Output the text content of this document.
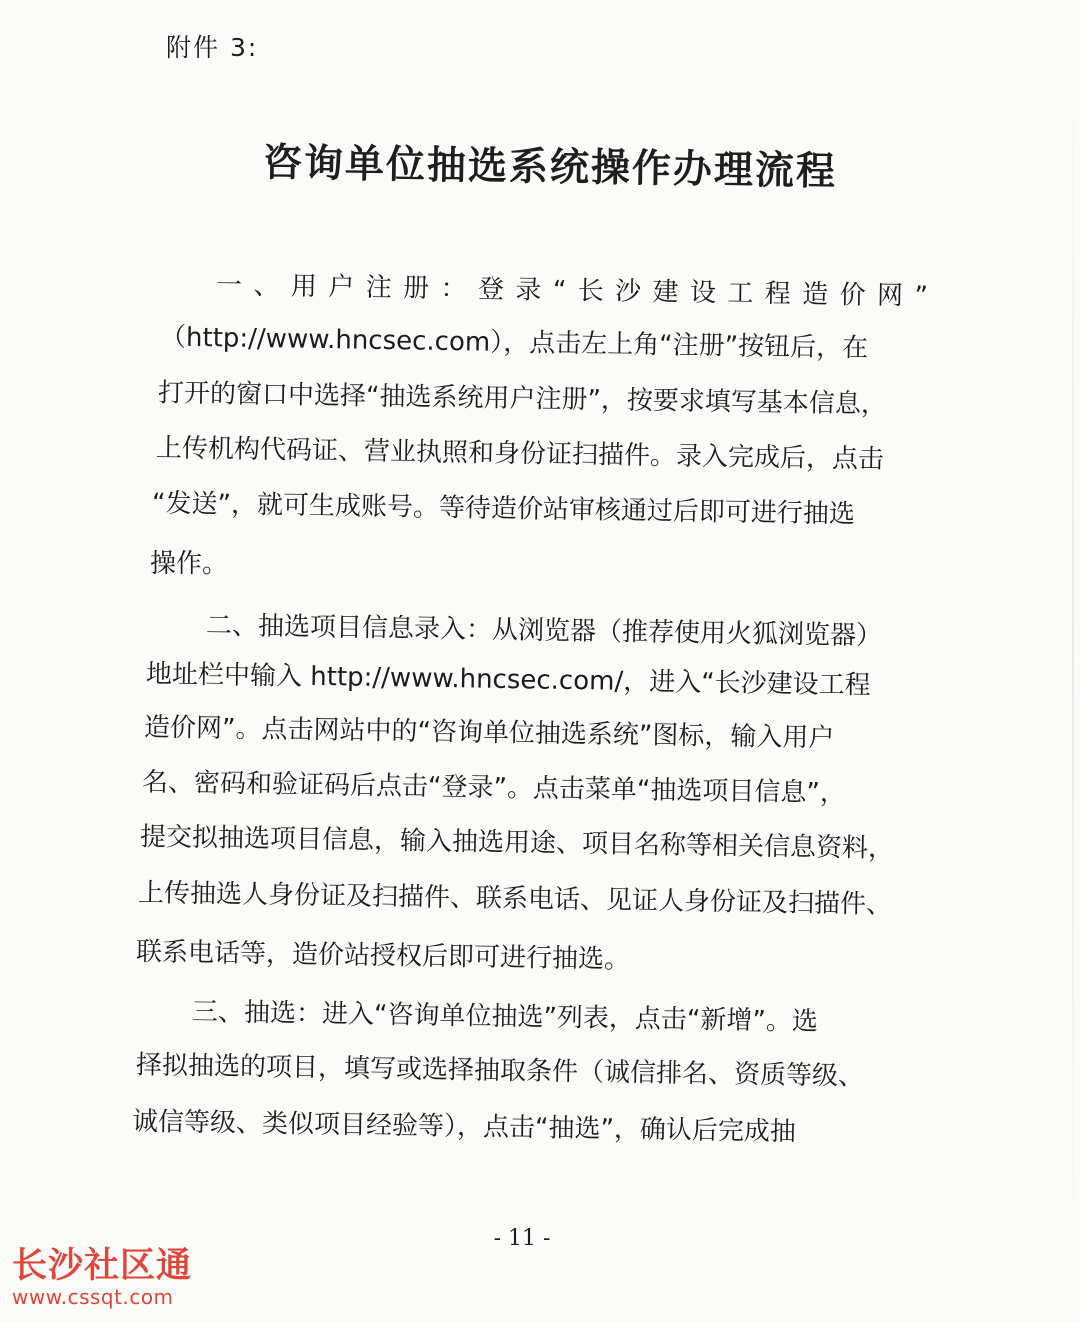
附件 3:
咨询单位抽选系统操作办理流程
一、用户注册：登录“长沙建设工程造价网”
（http://www.hncsec.com），点击左上角“注册”按钮后，在
打开的窗口中选择“抽选系统用户注册”，按要求填写基本信息，
上传机构代码证、营业执照和身份证扫描件。录入完成后，点击
“发送”，就可生成账号。等待造价站审核通过后即可进行抽选
操作。
二、抽选项目信息录入：从浏览器（推荐使用火狐浏览器）
地址栏中输入 http://www.hncsec.com/，进入“长沙建设工程
造价网”。点击网站中的“咨询单位抽选系统”图标，输入用户
名、密码和验证码后点击“登录”。点击菜单“抽选项目信息”，
提交拟抽选项目信息，输入抽选用途、项目名称等相关信息资料，
上传抽选人身份证及扫描件、联系电话、见证人身份证及扫描件、
联系电话等，造价站授权后即可进行抽选。
三、抽选：进入“咨询单位抽选”列表，点击“新增”。选
择拟抽选的项目，填写或选择抽取条件（诚信排名、资质等级、
诚信等级、类似项目经验等），点击“抽选”，确认后完成抽
- 11 -
长沙社区通
www.cssqt.com
